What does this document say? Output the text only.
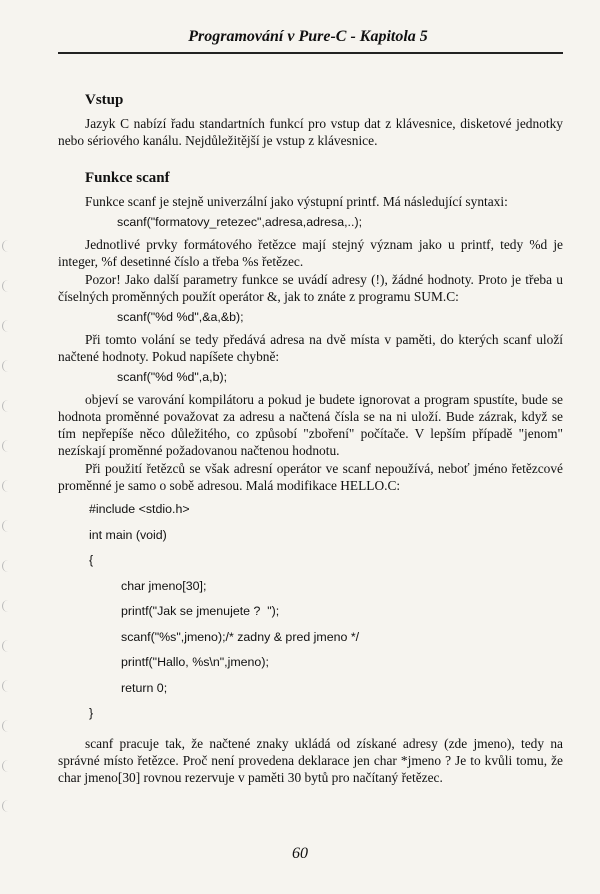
Programování v Pure-C - Kapitola 5
Vstup
Jazyk C nabízí řadu standartních funkcí pro vstup dat z klávesnice, disketové jednotky nebo sériového kanálu. Nejdůležitější je vstup z klávesnice.
Funkce scanf
Funkce scanf je stejně univerzální jako výstupní printf. Má následující syntaxi:
scanf("formatovy_retezec",adresa,adresa,..);
Jednotlivé prvky formátového řetězce mají stejný význam jako u printf, tedy %d je integer, %f desetinné číslo a třeba %s řetězec.
Pozor! Jako další parametry funkce se uvádí adresy (!), žádné hodnoty. Proto je třeba u číselných proměnných použít operátor &, jak to znáte z programu SUM.C:
scanf("%d %d",&a,&b);
Při tomto volání se tedy předává adresa na dvě místa v paměti, do kterých scanf uloží načtené hodnoty. Pokud napíšete chybně:
scanf("%d %d",a,b);
objeví se varování kompilátoru a pokud je budete ignorovat a program spustíte, bude se hodnota proměnné považovat za adresu a načtená čísla se na ni uloží. Bude zázrak, když se tím nepřepíše něco důležitého, co způsobí "zboření" počítače. V lepším případě "jenom" nezískají proměnné požadovanou načtenou hodnotu.
Při použití řetězců se však adresní operátor ve scanf nepoužívá, neboť jméno řetězcové proměnné je samo o sobě adresou. Malá modifikace HELLO.C:
#include <stdio.h>
int main (void)
{
char jmeno[30];
printf("Jak se jmenujete ?  ");
scanf("%s",jmeno);/* zadny & pred jmeno */
printf("Hallo, %s\n",jmeno);
return 0;
}
scanf pracuje tak, že načtené znaky ukládá od získané adresy (zde jmeno), tedy na správné místo řetězce. Proč není provedena deklarace jen char *jmeno ? Je to kvůli tomu, že char jmeno[30] rovnou rezervuje v paměti 30 bytů pro načítaný řetězec.
60
